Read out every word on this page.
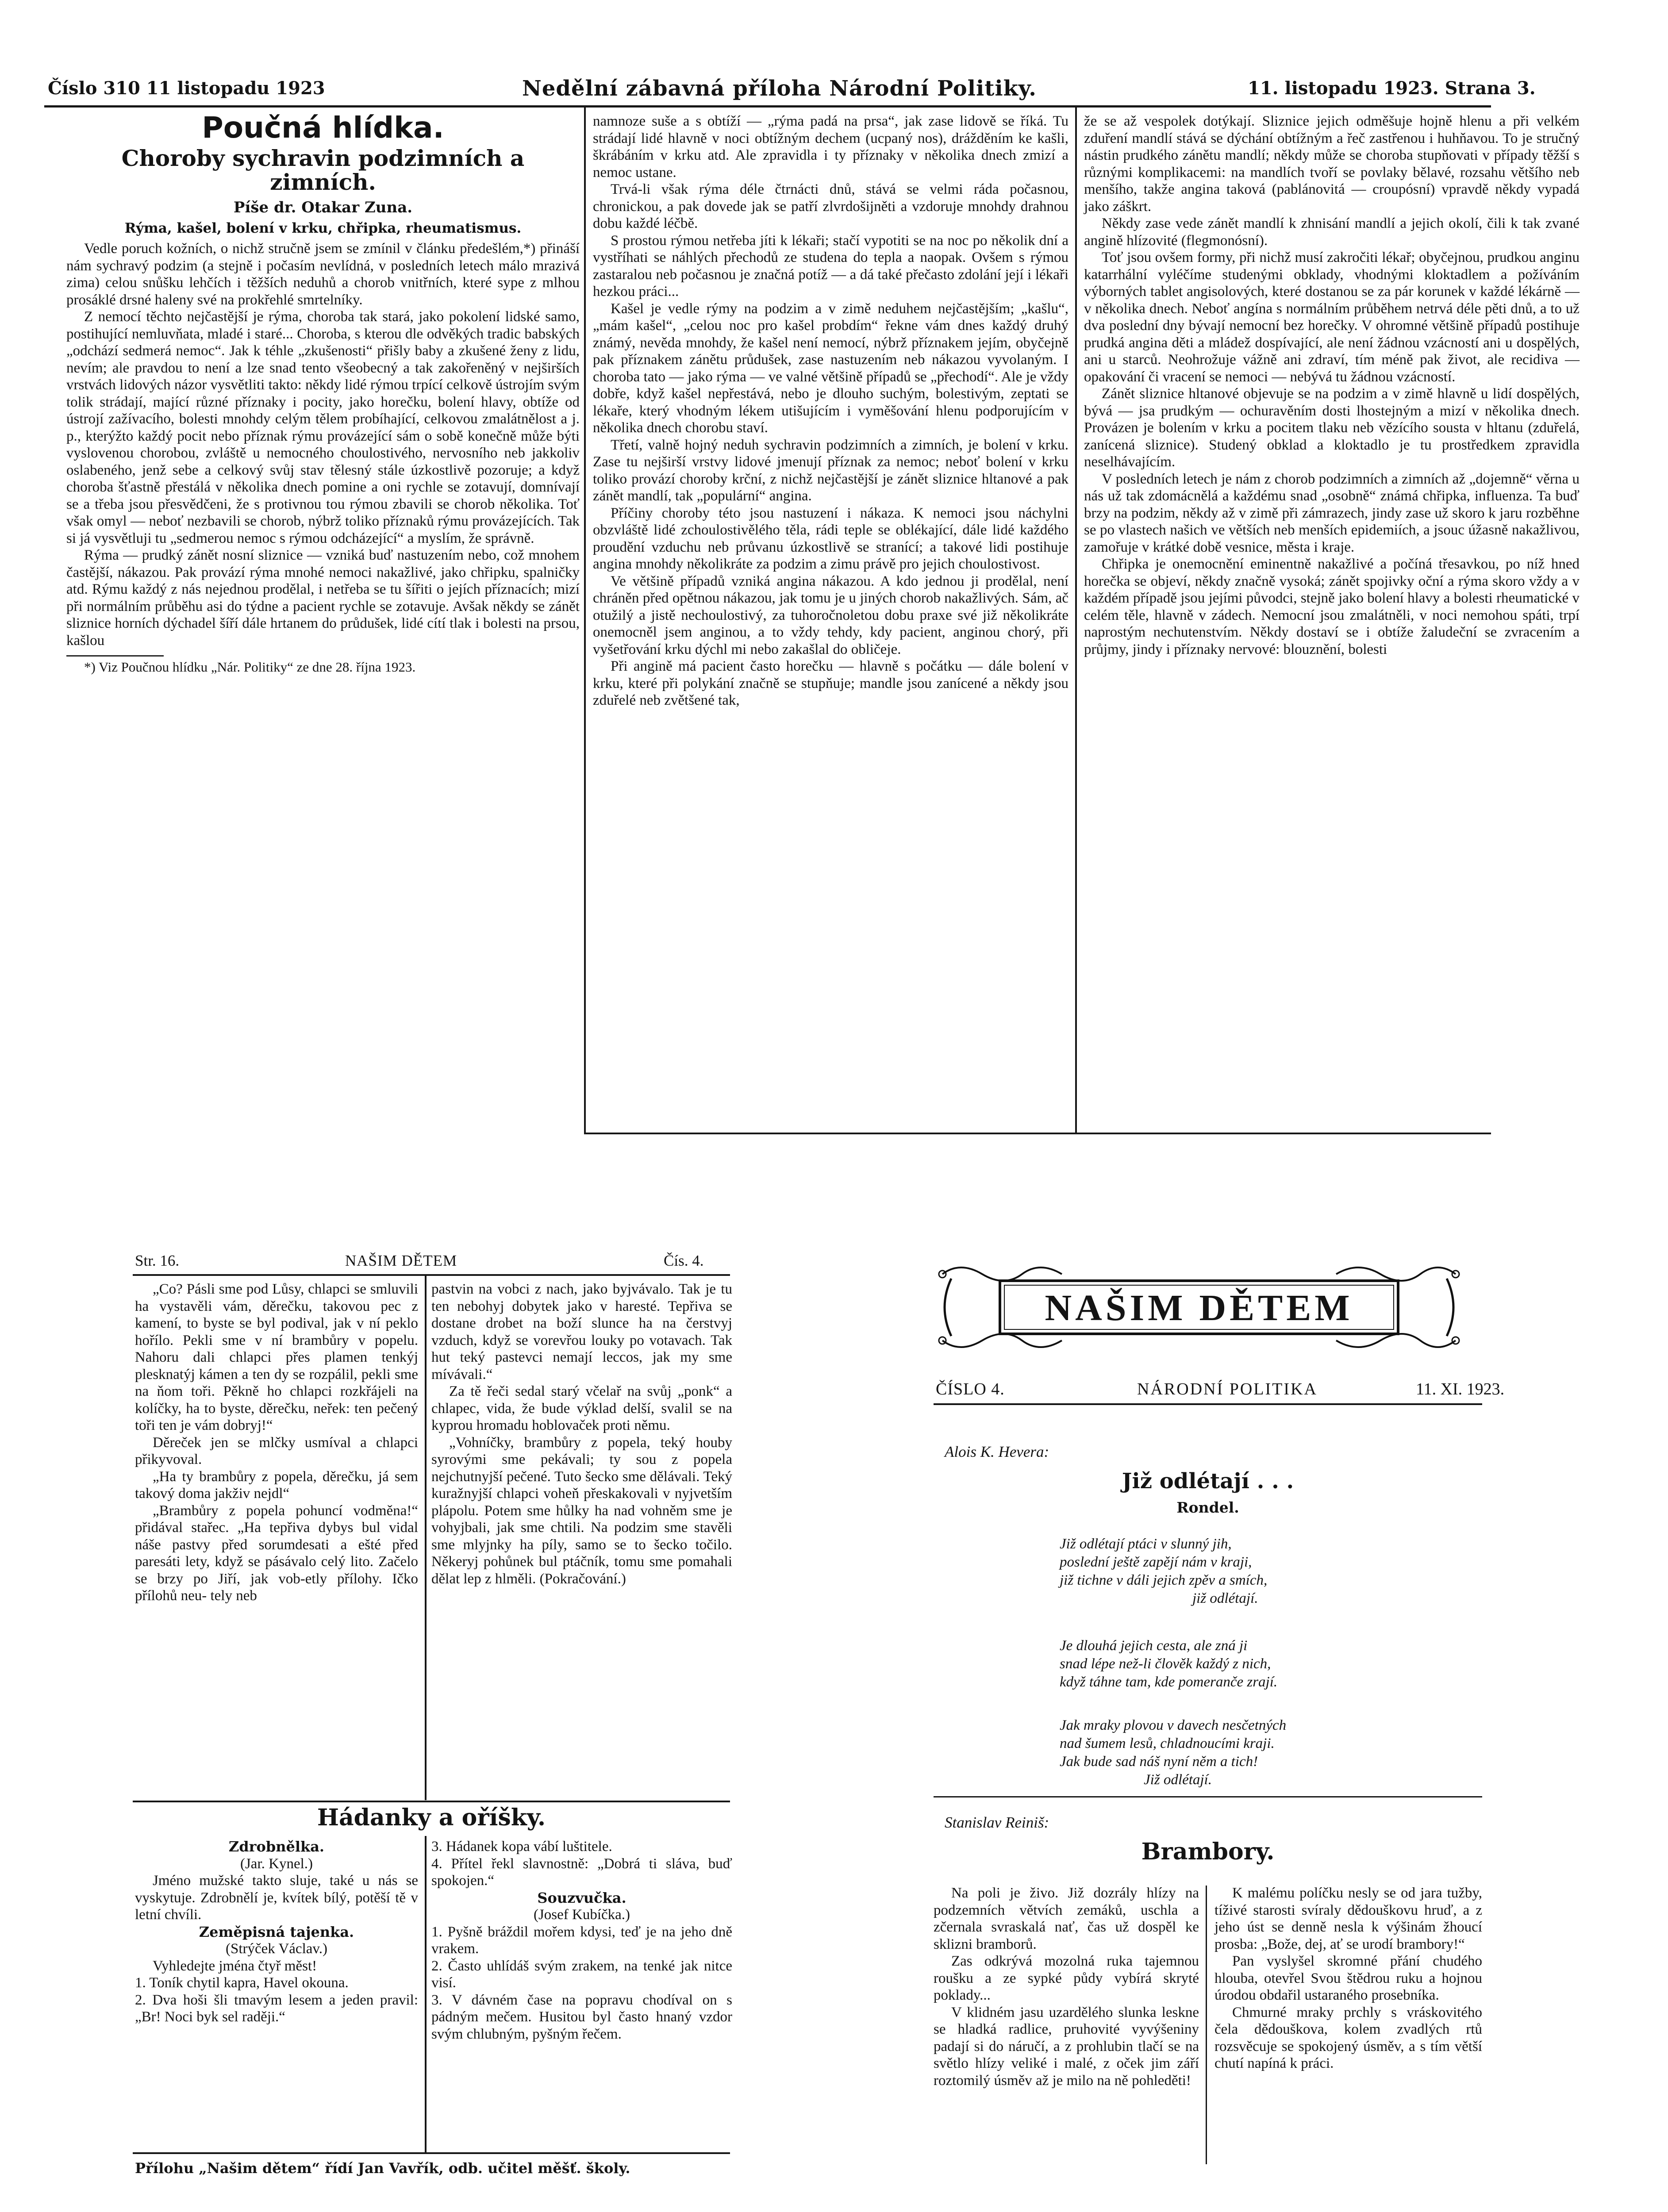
Číslo 310 11 listopadu 1923	Nedělní zábavná příloha Národní Politiky.	11. listopadu 1923. Strana 3.
Poučná hlídka.
Choroby sychravin podzimních a zimních.
Píše dr. Otakar Zuna.
Rýma, kašel, bolení v krku, chřipka, rheumatismus.

Vedle poruch kožních, o nichž stručně jsem se zmínil v článku předešlém,*) přináší nám sychravý podzim (a stejně i počasím nevlídná, v posledních letech málo mrazivá zima) celou snůšku lehčích i těžších neduhů a chorob vnitřních, které sype z mlhou prosáklé drsné haleny své na prokřehlé smrtelníky.

Z nemocí těchto nejčastější je rýma, choroba tak stará, jako pokolení lidské samo, postihující nemluvňata, mladé i staré... Choroba, s kterou dle odvěkých tradic babských „odchází sedmerá nemoc“. Jak k téhle „zkušenosti“ přišly baby a zkušené ženy z lidu, nevím; ale pravdou to není a lze snad tento všeobecný a tak zakořeněný v nejširších vrstvách lidových názor vysvětliti takto: někdy lidé rýmou trpící celkově ústrojím svým tolik strádají, mající různé příznaky i pocity, jako horečku, bolení hlavy, obtíže od ústrojí zažívacího, bolesti mnohdy celým tělem probíhající, celkovou zmalátnělost a j. p., kterýžto každý pocit nebo příznak rýmu provázející sám o sobě konečně může býti vyslovenou chorobou, zvláště u nemocného choulostivého, nervosního neb jakkoliv oslabeného, jenž sebe a celkový svůj stav tělesný stále úzkostlivě pozoruje; a když choroba šťastně přestálá v několika dnech pomine a oni rychle se zotavují, domnívají se a třeba jsou přesvědčeni, že s protivnou tou rýmou zbavili se chorob několika. Toť však omyl — neboť nezbavili se chorob, nýbrž toliko příznaků rýmu provázejících. Tak si já vysvětluji tu „sedmerou nemoc s rýmou odcházející“ a myslím, že správně.

Rýma — prudký zánět nosní sliznice — vzniká buď nastuzením nebo, což mnohem častější, nákazou. Pak provází rýma mnohé nemoci nakažlivé, jako chřipku, spalničky atd. Rýmu každý z nás nejednou prodělal, i netřeba se tu šířiti o jejích příznacích; mizí při normálním průběhu asi do týdne a pacient rychle se zotavuje. Avšak někdy se zánět sliznice horních dýchadel šíří dále hrtanem do průdušek, lidé cítí tlak i bolesti na prsou, kašlou

*) Viz Poučnou hlídku „Nár. Politiky“ ze dne 28. října 1923.

namnoze suše a s obtíží — „rýma padá na prsa“, jak zase lidově se říká. Tu strádají lidé hlavně v noci obtížným dechem (ucpaný nos), drážděním ke kašli, škrábáním v krku atd. Ale zpravidla i ty příznaky v několika dnech zmizí a nemoc ustane.

Trvá-li však rýma déle čtrnácti dnů, stává se velmi ráda počasnou, chronickou, a pak dovede jak se patří zlvrdošijněti a vzdoruje mnohdy drahnou dobu každé léčbě.

S prostou rýmou netřeba jíti k lékaři; stačí vypotiti se na noc po několik dní a vystříhati se náhlých přechodů ze studena do tepla a naopak. Ovšem s rýmou zastaralou neb počasnou je značná potíž — a dá také přečasto zdolání její i lékaři hezkou práci...

Kašel je vedle rýmy na podzim a v zimě neduhem nejčastějším; „kašlu“, „mám kašel“, „celou noc pro kašel probdím“ řekne vám dnes každý druhý známý, nevěda mnohdy, že kašel není nemocí, nýbrž příznakem jejím, obyčejně pak příznakem zánětu průdušek, zase nastuzením neb nákazou vyvolaným. I choroba tato — jako rýma — ve valné většině případů se „přechodí“. Ale je vždy dobře, když kašel nepřestává, nebo je dlouho suchým, bolestivým, zeptati se lékaře, který vhodným lékem utišujícím i vyměšování hlenu podporujícím v několika dnech chorobu staví.

Třetí, valně hojný neduh sychravin podzimních a zimních, je bolení v krku. Zase tu nejširší vrstvy lidové jmenují příznak za nemoc; neboť bolení v krku toliko provází choroby krční, z nichž nejčastější je zánět sliznice hltanové a pak zánět mandlí, tak „populární“ angina.

Příčiny choroby této jsou nastuzení i nákaza. K nemoci jsou náchylni obzvláště lidé zchoulostivělého těla, rádi teple se oblékající, dále lidé každého proudění vzduchu neb průvanu úzkostlivě se stranící; a takové lidi postihuje angina mnohdy několikráte za podzim a zimu právě pro jejich choulostivost.

Ve většině případů vzniká angina nákazou. A kdo jednou ji prodělal, není chráněn před opětnou nákazou, jak tomu je u jiných chorob nakažlivých. Sám, ač otužilý a jistě nechoulostivý, za tuhoročnoletou dobu praxe své již několikráte onemocněl jsem anginou, a to vždy tehdy, kdy pacient, anginou chorý, při vyšetřování krku dýchl mi nebo zakašlal do obličeje.

Při angině má pacient často horečku — hlavně s počátku — dále bolení v krku, které při polykání značně se stupňuje; mandle jsou zanícené a někdy jsou zduřelé neb zvětšené tak,

že se až vespolek dotýkají. Sliznice jejich odměšuje hojně hlenu a při velkém zduření mandlí stává se dýchání obtížným a řeč zastřenou i huhňavou. To je stručný nástin prudkého zánětu mandlí; někdy může se choroba stupňovati v případy těžší s různými komplikacemi: na mandlích tvoří se povlaky bělavé, rozsahu většího neb menšího, takže angina taková (pablánovitá — croupósní) vpravdě někdy vypadá jako záškrt.

Někdy zase vede zánět mandlí k zhnisání mandlí a jejich okolí, čili k tak zvané angině hlízovité (flegmonósní).

Toť jsou ovšem formy, při nichž musí zakročiti lékař; obyčejnou, prudkou anginu katarrhální vyléčíme studenými obklady, vhodnými kloktadlem a požíváním výborných tablet angisolových, které dostanou se za pár korunek v každé lékárně — v několika dnech. Neboť angína s normálním průběhem netrvá déle pěti dnů, a to už dva poslední dny bývají nemocní bez horečky. V ohromné většině případů postihuje prudká angina děti a mládež dospívající, ale není žádnou vzácností ani u dospělých, ani u starců. Neohrožuje vážně ani zdraví, tím méně pak život, ale recidiva — opakování či vracení se nemoci — nebývá tu žádnou vzácností.

Zánět sliznice hltanové objevuje se na podzim a v zimě hlavně u lidí dospělých, bývá — jsa prudkým — ochuravěním dosti lhostejným a mizí v několika dnech. Provázen je bolením v krku a pocitem tlaku neb vězícího sousta v hltanu (zduřelá, zanícená sliznice). Studený obklad a kloktadlo je tu prostředkem zpravidla neselhávajícím.

V posledních letech je nám z chorob podzimních a zimních až „dojemně“ věrna u nás už tak zdomácnělá a každému snad „osobně“ známá chřipka, influenza. Ta buď brzy na podzim, někdy až v zimě při zámrazech, jindy zase už skoro k jaru rozběhne se po vlastech našich ve větších neb menších epidemiích, a jsouc úžasně nakažlivou, zamořuje v krátké době vesnice, města i kraje.

Chřipka je onemocnění eminentně nakažlivé a počíná třesavkou, po níž hned horečka se objeví, někdy značně vysoká; zánět spojivky oční a rýma skoro vždy a v každém případě jsou jejími původci, stejně jako bolení hlavy a bolesti rheumatické v celém těle, hlavně v zádech. Nemocní jsou zmalátněli, v noci nemohou spáti, trpí naprostým nechutenstvím. Někdy dostaví se i obtíže žaludeční se zvracením a průjmy, jindy i příznaky nervové: blouznění, bolesti

Str. 16.	NAŠIM DĚTEM	Čís. 4.

„Co? Pásli sme pod Lůsy, chlapci se smluvili ha vystavěli vám, děrečku, takovou pec z kamení, to byste se byl podival, jak v ní peklo hořílo. Pekli sme v ní brambůry v popelu. Nahoru dali chlapci přes plamen tenkýj plesknatýj kámen a ten dy se rozpálil, pekli sme na ňom toři. Pěkně ho chlapci rozkřájeli na kolíčky, ha to byste, děrečku, neřek: ten pečený toři ten je vám dobryj!“

Děreček jen se mlčky usmíval a chlapci přikyvoval.

„Ha ty brambůry z popela, děrečku, já sem takový doma jakživ nejdl“

„Brambůry z popela pohuncí vodměna!“ přidával stařec. „Ha tepřiva dybys bul vidal náše pastvy před sorumdesati a ešté před paresáti lety, když se pásávalo celý lito. Začelo se brzy po Jiří, jak vob-etly přílohy. Ičko přílohů neu- tely neb

pastvin na vobci z nach, jako byjvávalo. Tak je tu ten nebohyj dobytek jako v haresté. Tepřiva se dostane drobet na boží slunce ha na čerstvyj vzduch, když se vorevřou louky po votavach. Tak hut teký pastevci nemají leccos, jak my sme mívávali.“

Za tě řeči sedal starý včelař na svůj „ponk“ a chlapec, vida, že bude výklad delší, svalil se na kyprou hromadu hoblovaček proti němu.

„Vohníčky, brambůry z popela, teký houby syrovými sme pekávali; ty sou z popela nejchutnyjší pečené. Tuto šecko sme dělávali. Teký kuražnyjší chlapci voheň přeskakovali v nyjvetším plápolu. Potem sme hůlky ha nad vohněm sme je vohyjbali, jak sme chtili. Na podzim sme stavěli sme mlyjnky ha píly, samo se to šecko točilo. Někeryj pohůnek bul ptáčník, tomu sme pomahali dělat lep z hlměli. (Pokračování.)

Hádanky a oříšky.
Zdrobnělka.
(Jar. Kynel.)

Jméno mužské takto sluje, také u nás se vyskytuje. Zdrobnělí je, kvítek bílý, potěší tě v letní chvíli.

Zeměpisná tajenka.
(Strýček Václav.)

Vyhledejte jména čtyř měst!

1. Toník chytil kapra, Havel okouna.

2. Dva hoši šli tmavým lesem a jeden pravil: „Br! Noci byk sel raději.“

3. Hádanek kopa vábí luštitele.

4. Přítel řekl slavnostně: „Dobrá ti sláva, buď spokojen.“

Souzvučka.
(Josef Kubíčka.)

1. Pyšně bráždil mořem kdysi, teď je na jeho dně vrakem.

2. Často uhlídáš svým zrakem, na tenké jak nitce visí.

3. V dávném čase na popravu chodíval on s pádným mečem. Husitou byl často hnaný vzdor svým chlubným, pyšným řečem.

Přílohu „Našim dětem“ řídí Jan Vavřík, odb. učitel měšť. školy.
NAŠIM DĚTEM
ČÍSLO 4.	NÁRODNÍ POLITIKA	11. XI. 1923.
Alois K. Hevera:
Již odlétají . . .
Rondel.
Již odlétají ptáci v slunný jih,
poslední ještě zapějí nám v kraji,
již tichne v dáli jejich zpěv a smích,
již odlétají.
Je dlouhá jejich cesta, ale zná ji
snad lépe než-li člověk každý z nich,
když táhne tam, kde pomeranče zrají.
Jak mraky plovou v davech nesčetných
nad šumem lesů, chladnoucími kraji.
Jak bude sad náš nyní něm a tich!
Již odlétají.
Stanislav Reiniš:
Brambory.

Na poli je živo. Již dozrály hlízy na podzemních větvích zemáků, uschla a zčernala svraskalá nať, čas už dospěl ke sklizni bramborů.

Zas odkrývá mozolná ruka tajemnou roušku a ze sypké půdy vybírá skryté poklady...

V klidném jasu uzardělého slunka leskne se hladká radlice, pruhovité vyvýšeniny padají si do náručí, a z prohlubin tlačí se na světlo hlízy veliké i malé, z oček jim září roztomilý úsměv až je milo na ně pohleděti!

K malému políčku nesly se od jara tužby, tíživé starosti svíraly dědouškovu hruď, a z jeho úst se denně nesla k výšinám žhoucí prosba: „Bože, dej, ať se urodí brambory!“

Pan vyslyšel skromné přání chudého hlouba, otevřel Svou štědrou ruku a hojnou úrodou obdařil ustaraného prosebníka.

Chmurné mraky prchly s vráskovitého čela dědouškova, kolem zvadlých rtů rozsvěcuje se spokojený úsměv, a s tím větší chutí napíná k práci.
